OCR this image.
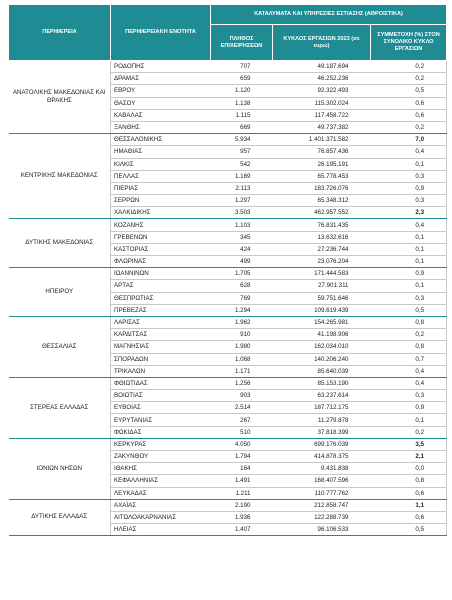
ΠΕΡΙΦΕΡΕΙΑ	ΠΕΡΙΦΕΡΕΙΑΚΗ ΕΝΟΤΗΤΑ	ΚΑΤΑΛΥΜΑΤΑ ΚΑΙ ΥΠΗΡΕΣΙΕΣ ΕΣΤΙΑΣΗΣ (ΑΘΡΟΙΣΤΙΚΑ)		
		ΠΛΗΘΟΣ ΕΠΙΧΕΙΡΗΣΕΩΝ	ΚΥΚΛΟΣ ΕΡΓΑΣΙΩΝ 2023 (σε ευρώ)	ΣΥΜΜΕΤΟΧΗ (%) ΣΤΟΝ ΣΥΝΟΛΙΚΟ ΚΥΚΛΟ ΕΡΓΑΣΙΩΝ
ΑΝΑΤΟΛΙΚΗΣ ΜΑΚΕΔΟΝΙΑΣ ΚΑΙ ΘΡΑΚΗΣ	ΡΟΔΟΠΗΣ	707	49.187.694	0,2
	ΔΡΑΜΑΣ	659	46.252.236	0,2
	ΕΒΡΟΥ	1.120	92.322.493	0,5
	ΘΑΣΟΥ	1.138	115.302.024	0,6
	ΚΑΒΑΛΑΣ	1.115	117.458.722	0,6
	ΞΑΝΘΗΣ	669	49.737.382	0,2
ΚΕΝΤΡΙΚΗΣ ΜΑΚΕΔΟΝΙΑΣ	ΘΕΣΣΑΛΟΝΙΚΗΣ	5.934	1.401.371.582	7,0
	ΗΜΑΘΙΑΣ	957	76.857.436	0,4
	ΚΙΛΚΙΣ	542	26.195.191	0,1
	ΠΕΛΛΑΣ	1.169	65.778.453	0,3
	ΠΙΕΡΙΑΣ	2.113	183.726.076	0,9
	ΣΕΡΡΩΝ	1.297	65.348.312	0,3
	ΧΑΛΚΙΔΙΚΗΣ	3.503	462.957.552	2,3
ΔΥΤΙΚΗΣ ΜΑΚΕΔΟΝΙΑΣ	ΚΟΖΑΝΗΣ	1.103	76.831.435	0,4
	ΓΡΕΒΕΝΩΝ	345	13.632.616	0,1
	ΚΑΣΤΟΡΙΑΣ	424	27.236.744	0,1
	ΦΛΩΡΙΝΑΣ	499	23.076.204	0,1
ΗΠΕΙΡΟΥ	ΙΩΑΝΝΙΝΩΝ	1.705	171.444.583	0,9
	ΑΡΤΑΣ	628	27.901.311	0,1
	ΘΕΣΠΡΩΤΙΑΣ	769	59.751.646	0,3
	ΠΡΕΒΕΖΑΣ	1.294	109.619.439	0,5
ΘΕΣΣΑΛΙΑΣ	ΛΑΡΙΣΑΣ	1.962	154.265.981	0,8
	ΚΑΡΔΙΤΣΑΣ	910	41.198.906	0,2
	ΜΑΓΝΗΣΙΑΣ	1.980	162.034.010	0,8
	ΣΠΟΡΑΔΩΝ	1.068	140.206.240	0,7
	ΤΡΙΚΑΛΩΝ	1.171	85.640.039	0,4
ΣΤΕΡΕΑΣ ΕΛΛΑΔΑΣ	ΦΘΙΩΤΙΔΑΣ	1.256	85.153.190	0,4
	ΒΟΙΩΤΙΑΣ	903	63.237.614	0,3
	ΕΥΒΟΙΑΣ	2.514	187.712.175	0,9
	ΕΥΡΥΤΑΝΙΑΣ	267	11.279.878	0,1
	ΦΩΚΙΔΑΣ	510	37.818.399	0,2
ΙΟΝΙΩΝ ΝΗΣΩΝ	ΚΕΡΚΥΡΑΣ	4.050	699.176.039	3,5
	ΖΑΚΥΝΘΟΥ	1.794	414.878.375	2,1
	ΙΘΑΚΗΣ	164	9.431.838	0,0
	ΚΕΦΑΛΛΗΝΙΑΣ	1.491	168.407.596	0,8
	ΛΕΥΚΑΔΑΣ	1.211	110.777.762	0,6
ΔΥΤΙΚΗΣ ΕΛΛΑΔΑΣ	ΑΧΑΪΑΣ	2.190	212.858.747	1,1
	ΑΙΤΩΛΟΑΚΑΡΝΑΝΙΑΣ	1.936	122.288.739	0,6
	ΗΛΕΙΑΣ	1.407	96.106.533	0,5
